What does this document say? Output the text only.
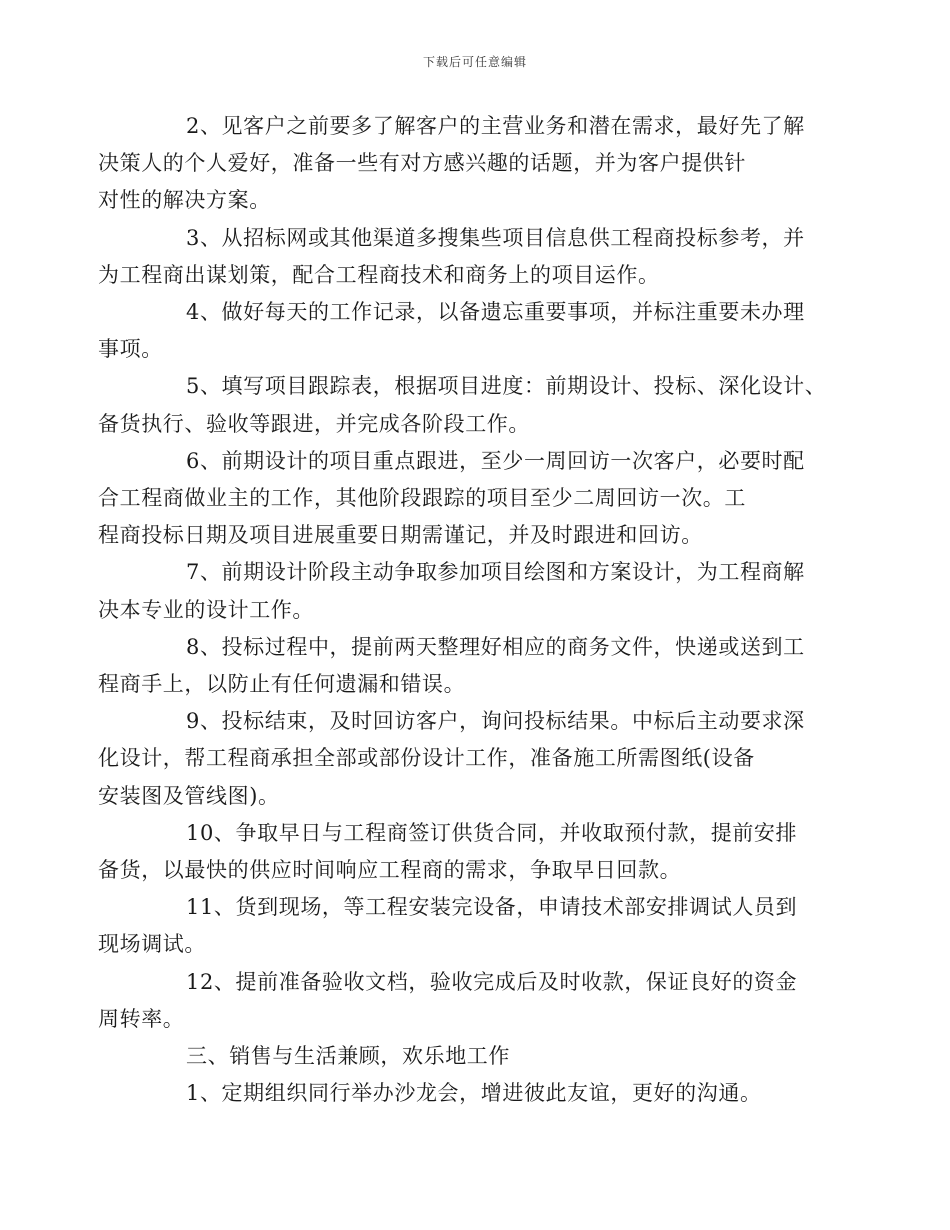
下载后可任意编辑

2、见客户之前要多了解客户的主营业务和潜在需求，最好先了解
决策人的个人爱好，准备一些有对方感兴趣的话题，并为客户提供针
对性的解决方案。

3、从招标网或其他渠道多搜集些项目信息供工程商投标参考，并
为工程商出谋划策，配合工程商技术和商务上的项目运作。

4、做好每天的工作记录，以备遗忘重要事项，并标注重要未办理
事项。

5、填写项目跟踪表，根据项目进度：前期设计、投标、深化设计、
备货执行、验收等跟进，并完成各阶段工作。

6、前期设计的项目重点跟进，至少一周回访一次客户，必要时配
合工程商做业主的工作，其他阶段跟踪的项目至少二周回访一次。工
程商投标日期及项目进展重要日期需谨记，并及时跟进和回访。

7、前期设计阶段主动争取参加项目绘图和方案设计，为工程商解
决本专业的设计工作。

8、投标过程中，提前两天整理好相应的商务文件，快递或送到工
程商手上，以防止有任何遗漏和错误。

9、投标结束，及时回访客户，询问投标结果。中标后主动要求深
化设计，帮工程商承担全部或部份设计工作，准备施工所需图纸(设备
安装图及管线图)。

10、争取早日与工程商签订供货合同，并收取预付款，提前安排
备货，以最快的供应时间响应工程商的需求，争取早日回款。

11、货到现场，等工程安装完设备，申请技术部安排调试人员到
现场调试。

12、提前准备验收文档，验收完成后及时收款，保证良好的资金
周转率。

三、销售与生活兼顾，欢乐地工作

1、定期组织同行举办沙龙会，增进彼此友谊，更好的沟通。
